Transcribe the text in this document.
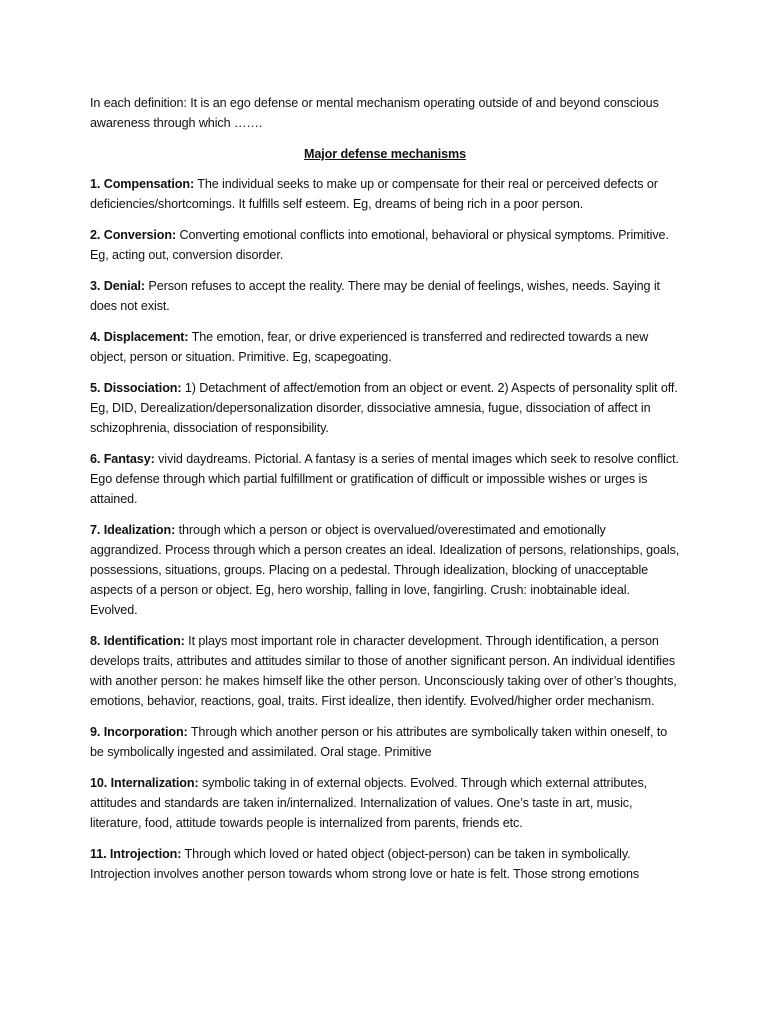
In each definition: It is an ego defense or mental mechanism operating outside of and beyond conscious awareness through which …….

Major defense mechanisms

1. Compensation: The individual seeks to make up or compensate for their real or perceived defects or deficiencies/shortcomings. It fulfills self esteem. Eg, dreams of being rich in a poor person.

2. Conversion: Converting emotional conflicts into emotional, behavioral or physical symptoms. Primitive. Eg, acting out, conversion disorder.

3. Denial: Person refuses to accept the reality. There may be denial of feelings, wishes, needs. Saying it does not exist.

4. Displacement: The emotion, fear, or drive experienced is transferred and redirected towards a new object, person or situation. Primitive. Eg, scapegoating.

5. Dissociation: 1) Detachment of affect/emotion from an object or event. 2) Aspects of personality split off. Eg, DID, Derealization/depersonalization disorder, dissociative amnesia, fugue, dissociation of affect in schizophrenia, dissociation of responsibility.

6. Fantasy: vivid daydreams. Pictorial. A fantasy is a series of mental images which seek to resolve conflict. Ego defense through which partial fulfillment or gratification of difficult or impossible wishes or urges is attained.

7. Idealization: through which a person or object is overvalued/overestimated and emotionally aggrandized. Process through which a person creates an ideal. Idealization of persons, relationships, goals, possessions, situations, groups. Placing on a pedestal. Through idealization, blocking of unacceptable aspects of a person or object. Eg, hero worship, falling in love, fangirling. Crush: inobtainable ideal. Evolved.

8. Identification: It plays most important role in character development. Through identification, a person develops traits, attributes and attitudes similar to those of another significant person. An individual identifies with another person: he makes himself like the other person. Unconsciously taking over of other’s thoughts, emotions, behavior, reactions, goal, traits. First idealize, then identify. Evolved/higher order mechanism.

9. Incorporation: Through which another person or his attributes are symbolically taken within oneself, to be symbolically ingested and assimilated. Oral stage. Primitive

10. Internalization: symbolic taking in of external objects. Evolved. Through which external attributes, attitudes and standards are taken in/internalized. Internalization of values. One’s taste in art, music, literature, food, attitude towards people is internalized from parents, friends etc.

11. Introjection: Through which loved or hated object (object-person) can be taken in symbolically. Introjection involves another person towards whom strong love or hate is felt. Those strong emotions
